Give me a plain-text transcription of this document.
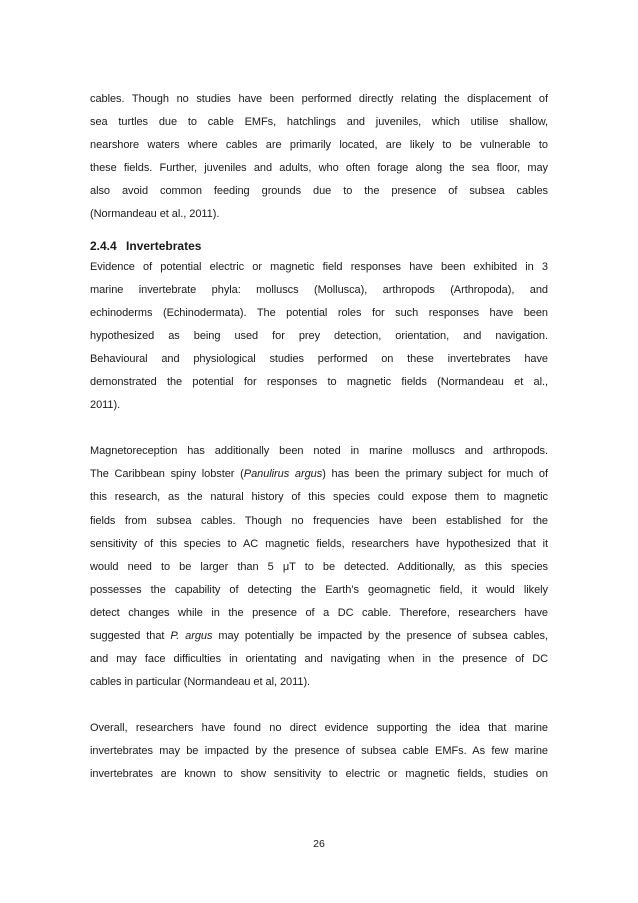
cables. Though no studies have been performed directly relating the displacement of
sea turtles due to cable EMFs, hatchlings and juveniles, which utilise shallow,
nearshore waters where cables are primarily located, are likely to be vulnerable to
these fields. Further, juveniles and adults, who often forage along the sea floor, may
also avoid common feeding grounds due to the presence of subsea cables
(Normandeau et al., 2011).
2.4.4 Invertebrates
Evidence of potential electric or magnetic field responses have been exhibited in 3
marine invertebrate phyla: molluscs (Mollusca), arthropods (Arthropoda), and
echinoderms (Echinodermata). The potential roles for such responses have been
hypothesized as being used for prey detection, orientation, and navigation.
Behavioural and physiological studies performed on these invertebrates have
demonstrated the potential for responses to magnetic fields (Normandeau et al.,
2011).
Magnetoreception has additionally been noted in marine molluscs and arthropods.
The Caribbean spiny lobster (Panulirus argus) has been the primary subject for much of
this research, as the natural history of this species could expose them to magnetic
fields from subsea cables. Though no frequencies have been established for the
sensitivity of this species to AC magnetic fields, researchers have hypothesized that it
would need to be larger than 5 μT to be detected. Additionally, as this species
possesses the capability of detecting the Earth’s geomagnetic field, it would likely
detect changes while in the presence of a DC cable. Therefore, researchers have
suggested that P. argus may potentially be impacted by the presence of subsea cables,
and may face difficulties in orientating and navigating when in the presence of DC
cables in particular (Normandeau et al, 2011).
Overall, researchers have found no direct evidence supporting the idea that marine
invertebrates may be impacted by the presence of subsea cable EMFs. As few marine
invertebrates are known to show sensitivity to electric or magnetic fields, studies on
26
